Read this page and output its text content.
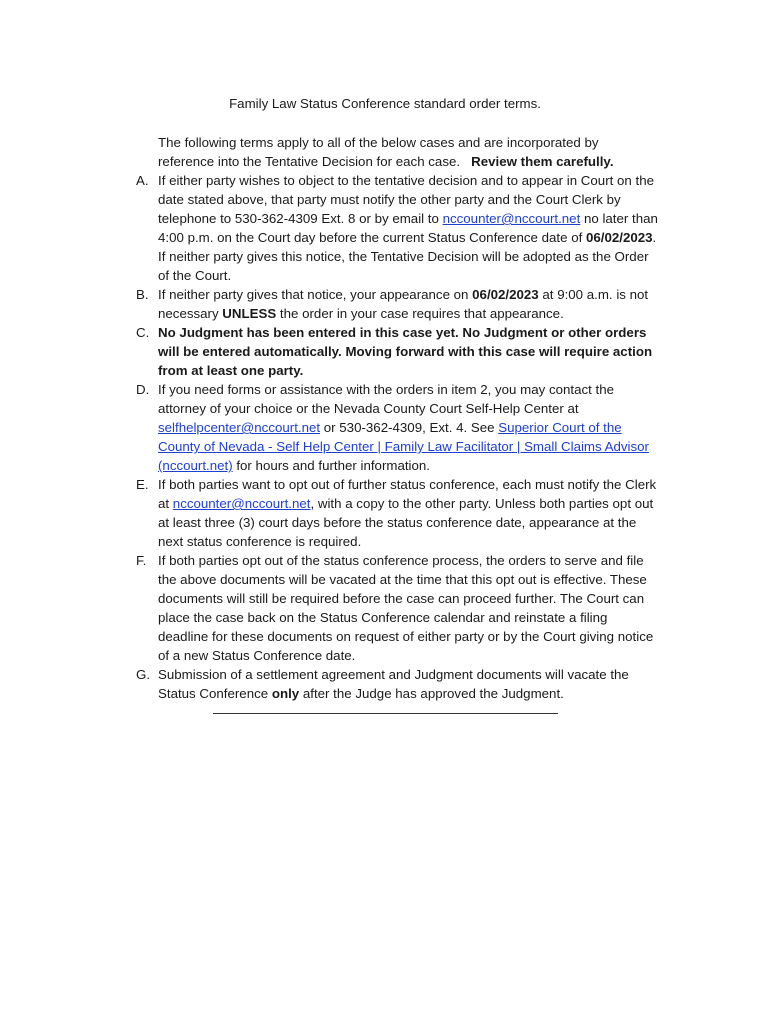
Family Law Status Conference standard order terms.
The following terms apply to all of the below cases and are incorporated by reference into the Tentative Decision for each case. Review them carefully.
A. If either party wishes to object to the tentative decision and to appear in Court on the date stated above, that party must notify the other party and the Court Clerk by telephone to 530-362-4309 Ext. 8 or by email to nccounter@nccourt.net no later than 4:00 p.m. on the Court day before the current Status Conference date of 06/02/2023. If neither party gives this notice, the Tentative Decision will be adopted as the Order of the Court.
B. If neither party gives that notice, your appearance on 06/02/2023 at 9:00 a.m. is not necessary UNLESS the order in your case requires that appearance.
C. No Judgment has been entered in this case yet. No Judgment or other orders will be entered automatically. Moving forward with this case will require action from at least one party.
D. If you need forms or assistance with the orders in item 2, you may contact the attorney of your choice or the Nevada County Court Self-Help Center at selfhelpcenter@nccourt.net or 530-362-4309, Ext. 4. See Superior Court of the County of Nevada - Self Help Center | Family Law Facilitator | Small Claims Advisor (nccourt.net) for hours and further information.
E. If both parties want to opt out of further status conference, each must notify the Clerk at nccounter@nccourt.net, with a copy to the other party. Unless both parties opt out at least three (3) court days before the status conference date, appearance at the next status conference is required.
F. If both parties opt out of the status conference process, the orders to serve and file the above documents will be vacated at the time that this opt out is effective. These documents will still be required before the case can proceed further. The Court can place the case back on the Status Conference calendar and reinstate a filing deadline for these documents on request of either party or by the Court giving notice of a new Status Conference date.
G. Submission of a settlement agreement and Judgment documents will vacate the Status Conference only after the Judge has approved the Judgment.
